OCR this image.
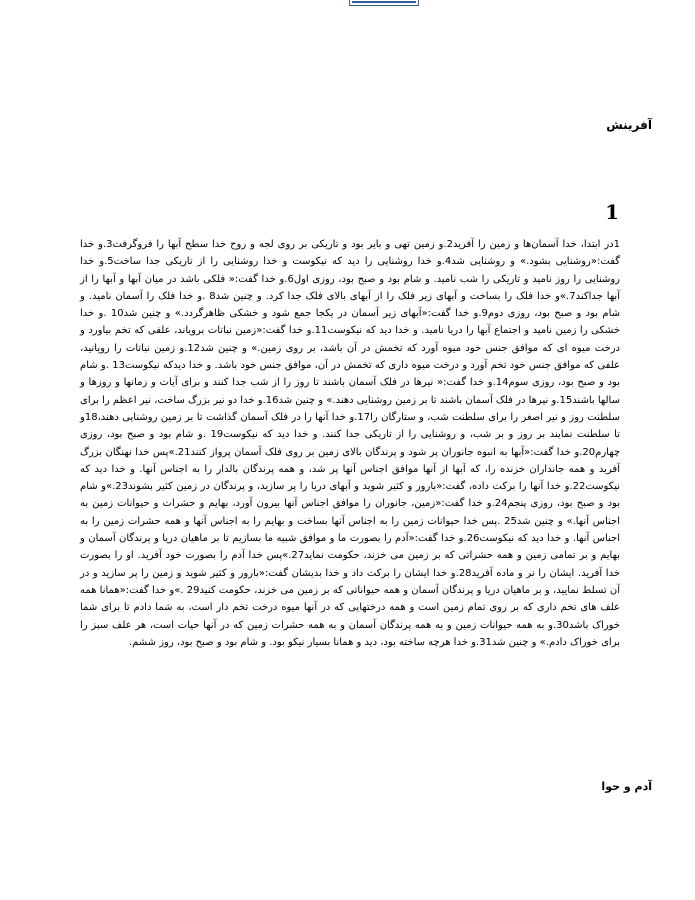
آفرینش
1

1در ابتدا، خدا آسمان‌ها و زمین را آفرید2.و زمین تهی و بایر بود و تاریکی بر روی لجه و روح خدا سطح آبها را فروگرفت3.و خدا گفت:«روشنایی بشود.» و روشنایی شد4.و خدا روشنایی را دید که نیکوست و خدا روشنایی را از تاریکی جدا ساخت5.و خدا روشنایی را روز نامید و تاریکی را شب نامید. و شام بود و صبح بود، روزی اول6.و خدا گفت:« فلکی باشد در میان آبها و آبها را از آبها جداکند7.»و خدا فلک را بساخت و آبهای زیر فلک را از آبهای بالای فلک جدا کرد. و چنین شد8 .و خدا فلک را آسمان نامید. و شام بود و صبح بود، روزی دوم9.و خدا گفت:«آبهای زیر آسمان در یکجا جمع شود و خشکی ظاهرگردد.» و چنین شد10 .و خدا خشکی را زمین نامید و اجتماع آبها را دریا نامید. و خدا دید که نیکوست11.و خدا گفت:«زمین نباتات برویاند، علفی که تخم بیاورد و درخت میوه ای که موافق جنس خود میوه آورد که تخمش در آن باشد، بر روی زمین.» و چنین شد12.و زمین نباتات را رویانید، علفی که موافق جنس خود تخم آورد و درخت میوه داری که تخمش در آن، موافق جنس خود باشد. و خدا دیدکه نیکوست13 .و شام بود و صبح بود، روزی سوم14.و خدا گفت:« نیرها در فلک آسمان باشند تا روز را از شب جدا کنند و برای آیات و زمانها و روزها و سالها باشند15.و نیرها در فلک آسمان باشند تا بر زمین روشنایی دهند.» و چنین شد16.و خدا دو نیر بزرگ ساخت، نیر اعظم را برای سلطنت روز و نیر اصغر را برای سلطنت شب، و ستارگان را17.و خدا آنها را در فلک آسمان گذاشت تا بر زمین روشنایی دهند،18و تا سلطنت نمایند بر روز و بر شب، و روشنایی را از تاریکی جدا کنند. و خدا دید که نیکوست19 .و شام بود و صبح بود، روزی چهارم20.و خدا گفت:«آبها به انبوه جانوران پر شود و پرندگان بالای زمین بر روی فلک آسمان پرواز کنند21.»پس خدا نهنگان بزرگ آفرید و همه جانداران خزنده را، که آبها از آنها موافق اجناس آنها پر شد، و همه پرندگان بالدار را به اجناس آنها. و خدا دید که نیکوست22.و خدا آنها را برکت داده، گفت:«بارور و کثیر شوید و آبهای دریا را پر سازید، و پرندگان در زمین کثیر بشوند23.»و شام بود و صبح بود، روزی پنجم24.و خدا گفت:«زمین، جانوران را موافق اجناس آنها بیرون آورد، بهایم و حشرات و حیوانات زمین به اجناس آنها.» و چنین شد25 .پس خدا حیوانات زمین را به اجناس آنها بساخت و بهایم را به اجناس آنها و همه حشرات زمین را به اجناس آنها. و خدا دید که نیکوست26.و خدا گفت:«آدم را بصورت ما و موافق شبیه ما بسازیم تا بر ماهیان دریا و پرندگان آسمان و بهایم و بر تمامی زمین و همه حشراتی که بر زمین می خزند، حکومت نماید27.»پس خدا آدم را بصورت خود آفرید. او را بصورت خدا آفرید. ایشان را نر و ماده آفرید28.و خدا ایشان را برکت داد و خدا بدیشان گفت:«بارور و کثیر شوید و زمین را پر سازید و در آن تسلط نمایید، و بر ماهیان دریا و پرندگان آسمان و همه حیواناتی که بر زمین می خزند، حکومت کنید29 .»و خدا گفت:«همانا همه علف های تخم داری که بر روی تمام زمین است و همه درختهایی که در آنها میوه درخت تخم دار است، به شما دادم تا برای شما خوراک باشد30.و به همه حیوانات زمین و به همه پرندگان آسمان و به همه حشرات زمین که در آنها حیات است، هر علف سبز را برای خوراک دادم.» و چنین شد31.و خدا هرچه ساخته بود، دید و همانا بسیار نیکو بود. و شام بود و صبح بود، روز ششم.

آدم و حوا
